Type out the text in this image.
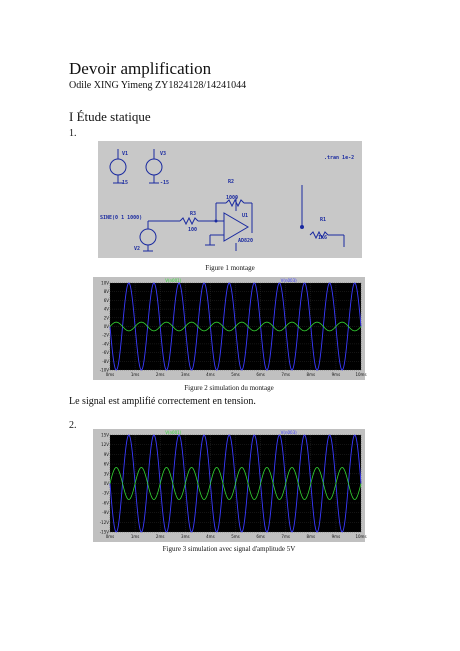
Devoir amplification
Odile XING Yimeng ZY1824128/14241044
I Étude statique
1.
V1
15
V3
-15	R2
1000
R3
100
U1
AD820
R1
1K6
V2
SINE(0 1 1000)
.tran 1e-2
Figure 1 montage
10V
8V
6V
4V
2V
0V
-2V
-4V
-6V
-8V
-10V
0ms	1ms	2ms	3ms	4ms	5ms	6ms	7ms	8ms	9ms	10ms
V(n001)	V(n003)
Figure 2 simulation du montage
Le signal est amplifié correctement en tension.
2.
15V
12V
9V
6V
3V
0V
-3V
-6V
-9V
-12V
-15V
0ms	1ms	2ms	3ms	4ms	5ms	6ms	7ms	8ms	9ms	10ms
V(n001)	V(n003)
Figure 3 simulation avec signal d'amplitude 5V
